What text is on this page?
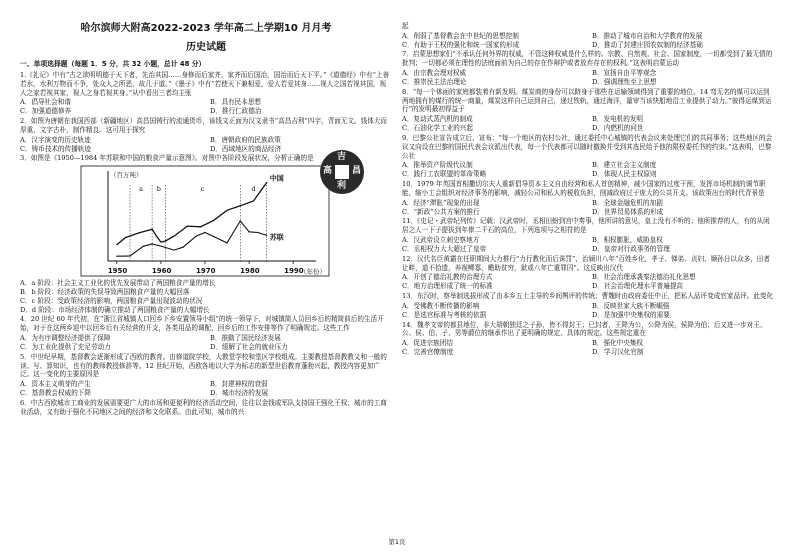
哈尔滨师大附高2022-2023 学年高二上学期10 月月考
历史试题
一、单项选择题（每题 1．5 分，共 32 小题，总计 48 分）

1.《礼记》中有“古之欲明明德于天下者，先治其国……身修而后家齐，家齐而后国治，国治而后天下平。”《道德经》中有“上善若水，水利万物而不争，处众人之所恶，故几于道。”《墨子》中有“若使天下兼相爱，爱人若爱其身……视人之国若视其国，视人之家若视其家，视人之身若视其身。”从中看出三者均主张

A．倡导社会和谐	B．具有民本思想
C．加强道德修养	D．推行仁政德治

2．如图为唐朝在我国西部（新疆地区）高昌国铸行的流通货币，该钱文正面为汉文隶书“高昌吉利”四字，背面无文。钱体大而厚重，文字古朴，制作精良。这可用于探究

A．汉字演变的历史轨迹	B．唐朝政府的民族政策
C．铸币技术的传播轨迹	D．西域地区的商品经济

3．如图是《1950—1984 年苏联和中国的粮食产量示意图》。对图中各阶段发展状况，分析正确的是

（百万吨）
（年份）
1950	1960	1970	1980	1990
a b	c	d
中国
苏联
A．a 阶段：社会主义工业化的优先发展带动了两国粮食产量的增长
B．b 阶段：经济政策的失误导致两国粮食产量的大幅回落
C．c 阶段：受政策经济的影响，两国粮食产量出现波动的状况
D．d 阶段：市场经济体制的确立推动了两国粮食产量的大幅增长

4．20 世纪 60 年代初，在“浙江省城镇人口回乡下乡安置领导小组”的统一领导下，对城镇简人员回乡后的精简前后的生活开始，对于在这两乡迎中以回乡后有关经营的开支，各类用品的调配，回乡后的工作安排等作了明确规定。这些工作

A．为有序调整经济提供了保障	B．推動了国民经济发展
C．为工业化提供了充足劳动力	D．缓解了社会的就业压力

5．中世纪早期，基督教会逐渐形成了西欧的教育。由修道院学校，大教堂学校和堂区学校组成。主要教授基督教教义和一般的读、写、算知识，也有的教师教授修辞等。12 世纪开始，西欧各地以大学为标志的新型世俗教育蓬勃兴起，教授内容更加广泛。这一变化的主要原因是

A．资本主义萌芽的产生	B．封建神权的衰弱
C．基督教会权威的下降	D．城市经济的发展

6．中古西欧城市工商业的发展需要更广大的市场和更便利的经济活动空间，往往以金钱或军队支持国王强化王权；城市的工商业活动，又有助于强化不同地区之间的经济和文化联系。由此可知，城市的兴

吉
高 昌
利

起

A．削弱了基督教会在中世纪的思想控制	B．推动了城市自治和大学教育的发展
C．有助于王权的强化和统一国家的形成	D．推动了封建庄园农奴制的经济基础

7．启蒙思想家们“不承认任何外界的权威，不管这种权威是什么样的。宗教、自然观、社会、国家制度，一切都受到了最无情的批判；一切都必须在理性的法庭面前为自己的存在作辩护或者放弃存在的权利。”这表明启蒙运动

A．由宗教会理对权威	B．宣扬自由平等观念
C．推崇民主法治理论	D．强调理性至上思想

8．“每一个体面的家庭都装着有新发明。煤炭商的身份可以跻身于那些在运输领域得到了重要的地位。14 弯无名的煤可以运到两地拥有的煤行的统一商量，煤炭这样自己运到自己，递过铁轨，通过海洋，量审当该快船地沿工业提供了动力。”彼得运煤到运行”的发明最初得益于

A．复动式蒸汽机的制成	B．发电机的发明
C．石油化学工业的兴起	D．内燃机的问世

9．巴黎公社宣告成立后，宣布：“每一个地区的农村公社，通过委托中心城镇的代表会议来处理它们的共同事务；这些地区的会议又向设在巴黎的国民代表会议派出代表，每一个代表都可以随时撤换并受到其选民给予他的限权委托书的约束。”这表明，巴黎公社

A．推举资产阶级代议制	B．建立社会主义制度
C．践行工农联盟的革命策略	D．体现人民主权原则

10．1979 年英国首相撒切尔夫人重新倡导资本主义自由经营和私人首创精神，减少国家的过度干预，发挥市场机制的调节职能，缩小工会组织对经济事务的影响，减轻公司和私人的税收负担，削减政府过于庞大的公共开支。该政策出台的时代背景是

A．经济“滞胀”现象的出现	B．全球金融危机的加剧
C．“新政”公共方案的推行	D．世界贸易体系的形成

11．《史记・武帝纪列传》记载：汉武帝时，丞相田蚡到宫中奏事，他所讲的意见，皇上没有不听的；他所推荐的人，有的从闲居之人一下子提拔到年俸二千石的高位，下列选项与之相符的是

A．汉武帝设立刺史察地方	B．相权膨胀，威胁皇权
C．丞相权力大大超过了皇帝	D．皇帝对行政事务的管理

12．汉代名臣黄霸在任职期间大力推行“力行教化而后诛罚”，治颍川八年“百姓乡化，孝子、悌弟、贞妇、顺孙日以众多，田者让畔，道不拾遗，养视鳏寡，赡助贫穷，狱或八年亡重罪囚”。这反映出汉代

A．开创了德治礼教的治理方式	B．社会治理承袭秦法德治礼化思想
C．地方治理形成了统一的标准	D．社会治理化理水平普遍提高

13．东汉时，察举制选拔形成了由本乡五士主导的乡间舆评的传统；曹魏时由政府委任中正，把私人品评变成官家品评。此变化

A．受佛教不断传播的影响	B．反映世家大族不断崛强
C．是选官标准与考核的依据	D．是加强中央集权的需要

14．魏孝文帝的都县地位，非大胡朝独廷之子孙，皆不得封王；已封者，王降为公，公降为侯，侯降为伯；后又进一步对王、公、侯、伯、子、男等爵位的继承作出了更明确的规定、具体的规定。这些规定重在

A．促进宗族团结	B．强化中央集权
C．完善官僚制度	D．学习汉化官制
第1页
